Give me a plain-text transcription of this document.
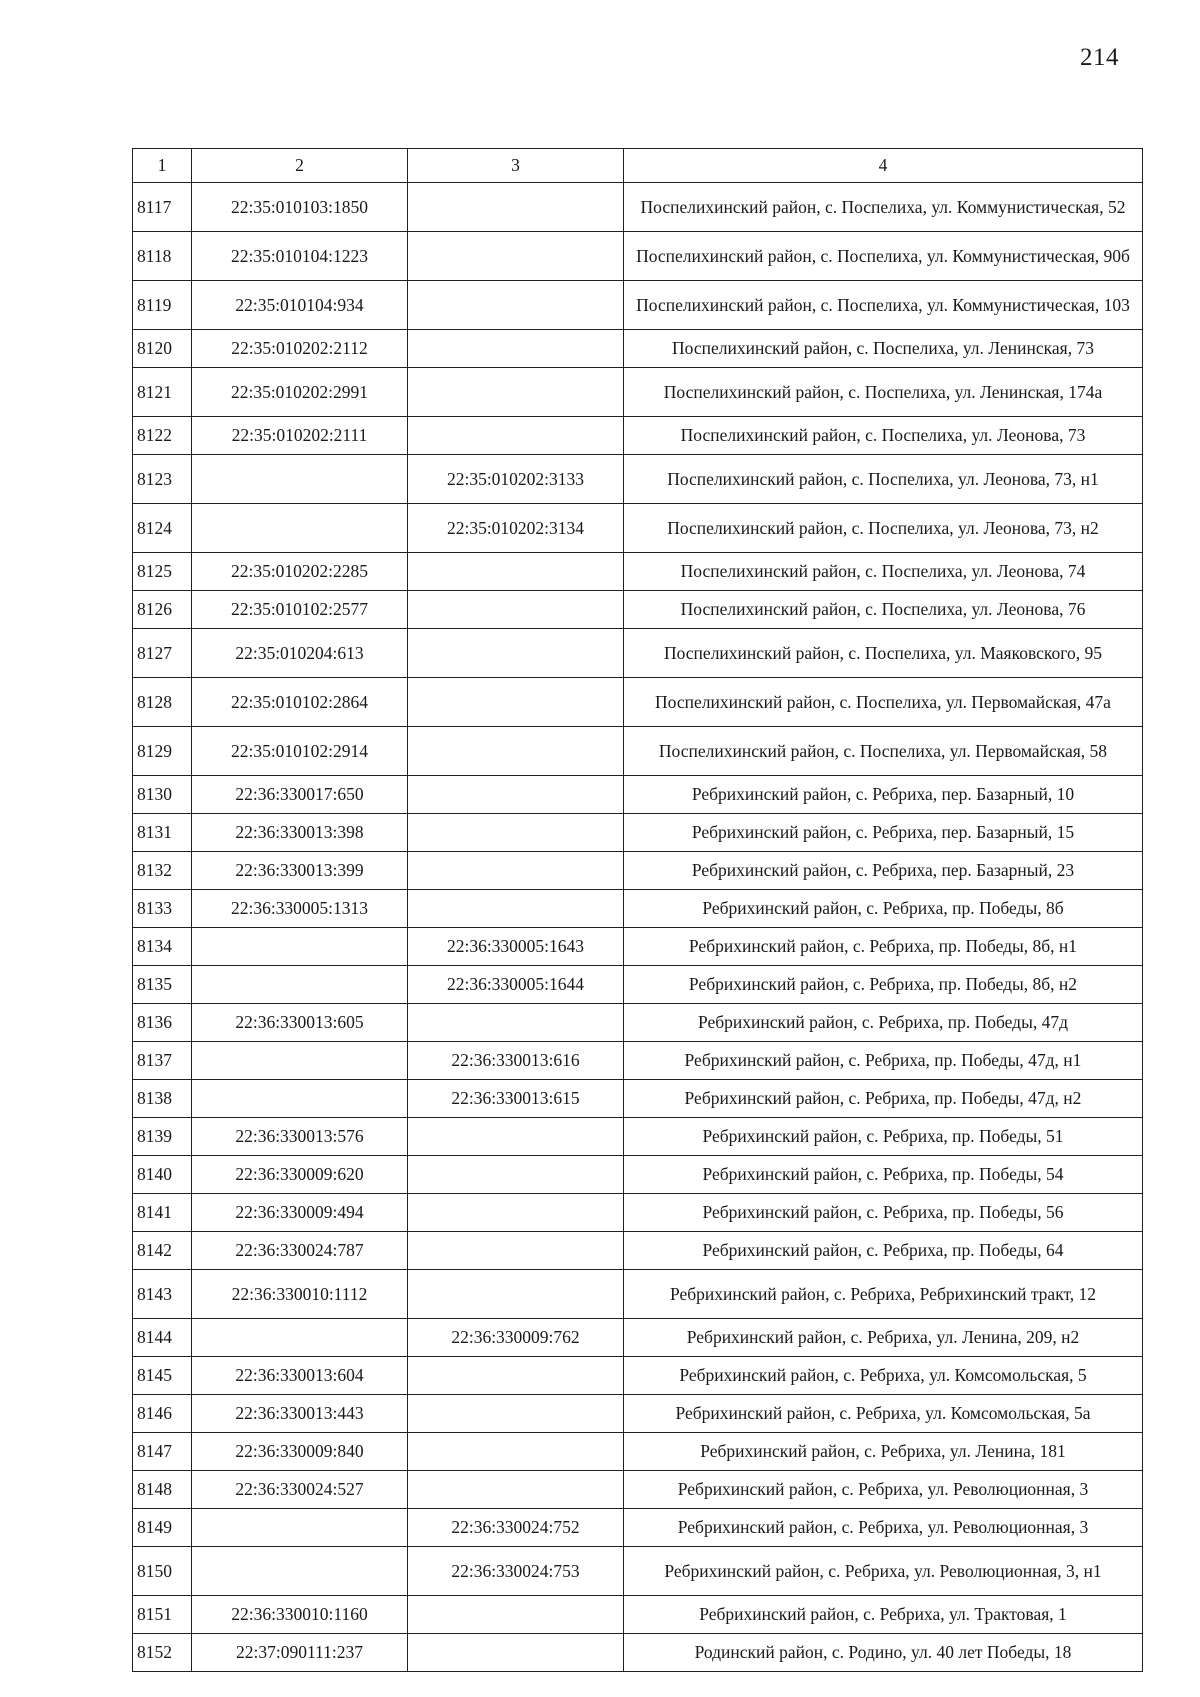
214
1	2	3	4
8117	22:35:010103:1850		Поспелихинский район, с. Поспелиха, ул. Коммунистическая, 52
8118	22:35:010104:1223		Поспелихинский район, с. Поспелиха, ул. Коммунистическая, 90б
8119	22:35:010104:934		Поспелихинский район, с. Поспелиха, ул. Коммунистическая, 103
8120	22:35:010202:2112		Поспелихинский район, с. Поспелиха, ул. Ленинская, 73
8121	22:35:010202:2991		Поспелихинский район, с. Поспелиха, ул. Ленинская, 174а
8122	22:35:010202:2111		Поспелихинский район, с. Поспелиха, ул. Леонова, 73
8123		22:35:010202:3133	Поспелихинский район, с. Поспелиха, ул. Леонова, 73, н1
8124		22:35:010202:3134	Поспелихинский район, с. Поспелиха, ул. Леонова, 73, н2
8125	22:35:010202:2285		Поспелихинский район, с. Поспелиха, ул. Леонова, 74
8126	22:35:010102:2577		Поспелихинский район, с. Поспелиха, ул. Леонова, 76
8127	22:35:010204:613		Поспелихинский район, с. Поспелиха, ул. Маяковского, 95
8128	22:35:010102:2864		Поспелихинский район, с. Поспелиха, ул. Первомайская, 47а
8129	22:35:010102:2914		Поспелихинский район, с. Поспелиха, ул. Первомайская, 58
8130	22:36:330017:650		Ребрихинский район, с. Ребриха, пер. Базарный, 10
8131	22:36:330013:398		Ребрихинский район, с. Ребриха, пер. Базарный, 15
8132	22:36:330013:399		Ребрихинский район, с. Ребриха, пер. Базарный, 23
8133	22:36:330005:1313		Ребрихинский район, с. Ребриха, пр. Победы, 8б
8134		22:36:330005:1643	Ребрихинский район, с. Ребриха, пр. Победы, 8б, н1
8135		22:36:330005:1644	Ребрихинский район, с. Ребриха, пр. Победы, 8б, н2
8136	22:36:330013:605		Ребрихинский район, с. Ребриха, пр. Победы, 47д
8137		22:36:330013:616	Ребрихинский район, с. Ребриха, пр. Победы, 47д, н1
8138		22:36:330013:615	Ребрихинский район, с. Ребриха, пр. Победы, 47д, н2
8139	22:36:330013:576		Ребрихинский район, с. Ребриха, пр. Победы, 51
8140	22:36:330009:620		Ребрихинский район, с. Ребриха, пр. Победы, 54
8141	22:36:330009:494		Ребрихинский район, с. Ребриха, пр. Победы, 56
8142	22:36:330024:787		Ребрихинский район, с. Ребриха, пр. Победы, 64
8143	22:36:330010:1112		Ребрихинский район, с. Ребриха, Ребрихинский тракт, 12
8144		22:36:330009:762	Ребрихинский район, с. Ребриха, ул. Ленина, 209, н2
8145	22:36:330013:604		Ребрихинский район, с. Ребриха, ул. Комсомольская, 5
8146	22:36:330013:443		Ребрихинский район, с. Ребриха, ул. Комсомольская, 5а
8147	22:36:330009:840		Ребрихинский район, с. Ребриха, ул. Ленина, 181
8148	22:36:330024:527		Ребрихинский район, с. Ребриха, ул. Революционная, 3
8149		22:36:330024:752	Ребрихинский район, с. Ребриха, ул. Революционная, 3
8150		22:36:330024:753	Ребрихинский район, с. Ребриха, ул. Революционная, 3, н1
8151	22:36:330010:1160		Ребрихинский район, с. Ребриха, ул. Трактовая, 1
8152	22:37:090111:237		Родинский район, с. Родино, ул. 40 лет Победы, 18
